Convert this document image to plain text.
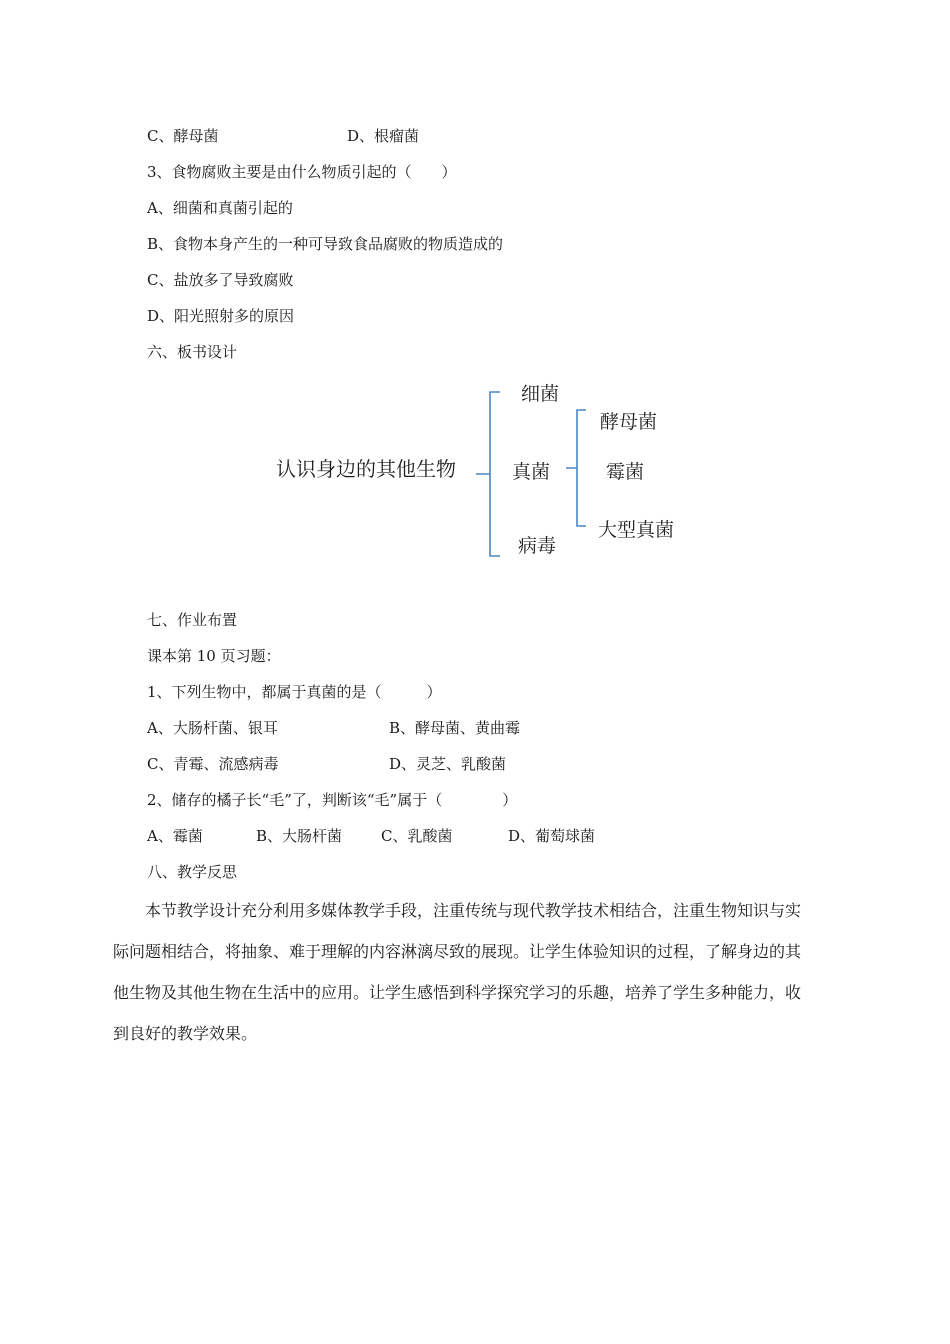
C、酵母菌	D、根瘤菌
3、食物腐败主要是由什么物质引起的（　　）
A、细菌和真菌引起的
B、食物本身产生的一种可导致食品腐败的物质造成的
C、盐放多了导致腐败
D、阳光照射多的原因
六、板书设计
认识身边的其他生物
细菌
真菌
病毒
酵母菌
霉菌
大型真菌
七、作业布置
课本第 10 页习题：
1、下列生物中，都属于真菌的是（　　　）
A、大肠杆菌、银耳	B、酵母菌、黄曲霉
C、青霉、流感病毒	D、灵芝、乳酸菌
2、储存的橘子长“毛”了，判断该“毛”属于（　　　　）
A、霉菌	B、大肠杆菌	C、乳酸菌	D、葡萄球菌
八、教学反思

　　本节教学设计充分利用多媒体教学手段，注重传统与现代教学技术相结合，注重生物知识与实

际问题相结合，将抽象、难于理解的内容淋漓尽致的展现。让学生体验知识的过程，了解身边的其

他生物及其他生物在生活中的应用。让学生感悟到科学探究学习的乐趣，培养了学生多种能力，收

到良好的教学效果。
